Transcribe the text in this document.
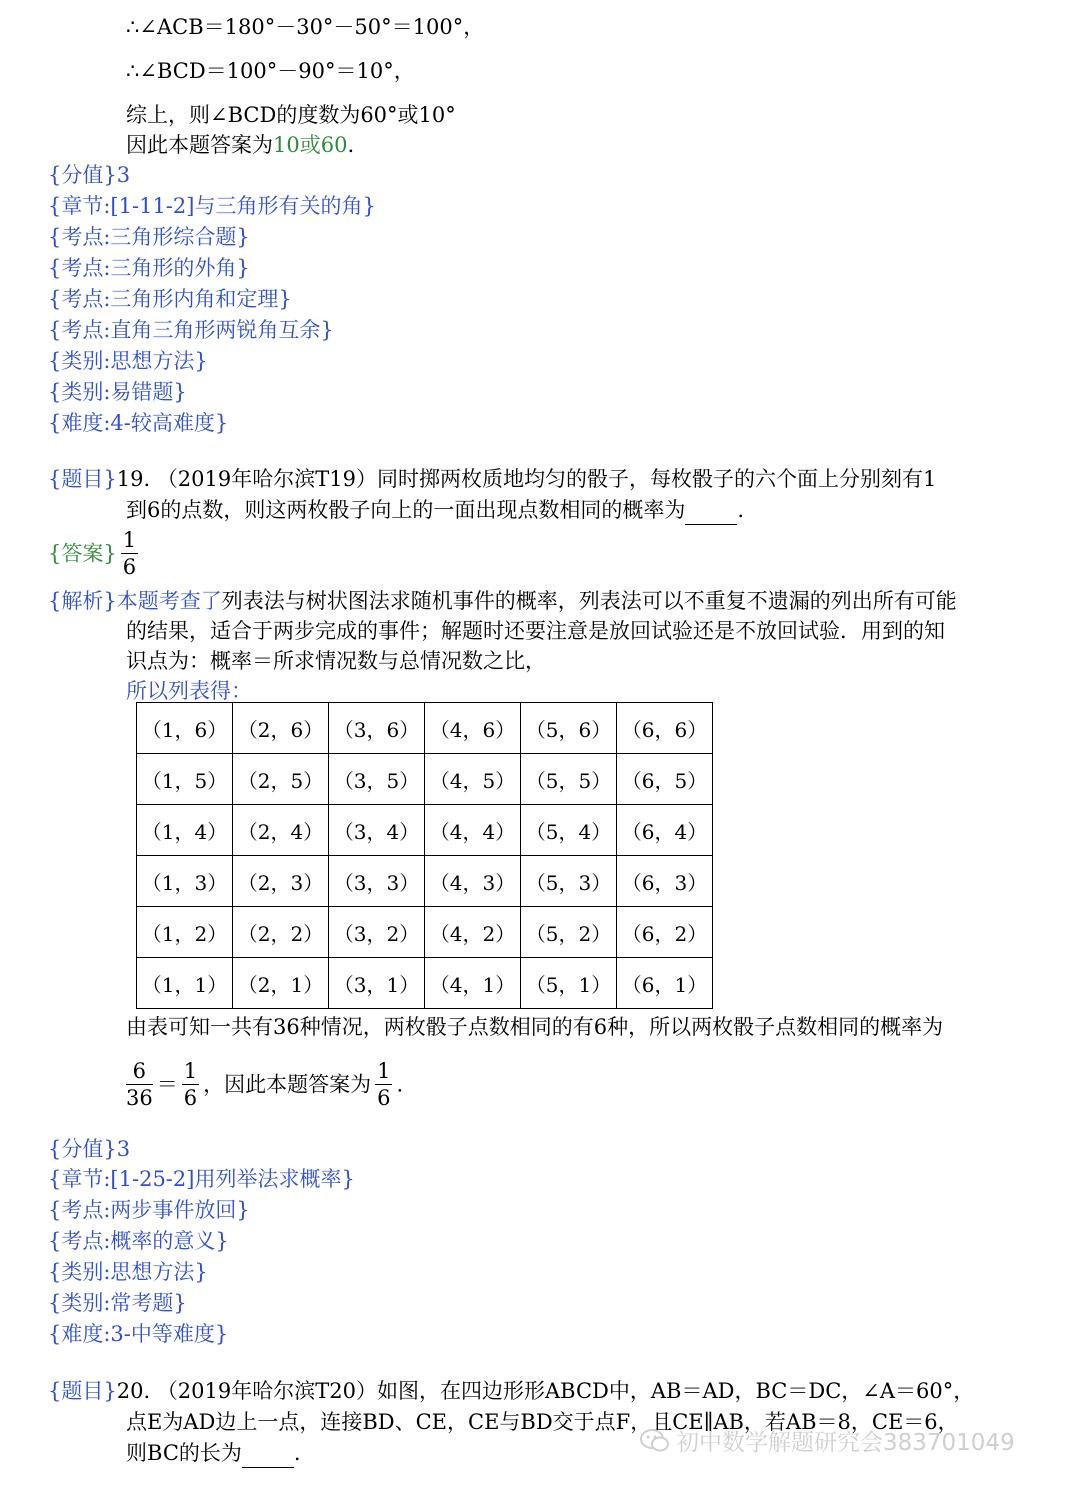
∴∠ACB＝180°－30°－50°＝100°，
∴∠BCD＝100°－90°＝10°，
综上，则∠BCD的度数为60°或10°
因此本题答案为10或60.
{分值}3
{章节:[1-11-2]与三角形有关的角}
{考点:三角形综合题}
{考点:三角形的外角}
{考点:三角形内角和定理}
{考点:直角三角形两锐角互余}
{类别:思想方法}
{类别:易错题}
{难度:4-较高难度}
{题目}19. （2019年哈尔滨T19）同时掷两枚质地均匀的骰子，每枚骰子的六个面上分别刻有1
到6的点数，则这两枚骰子向上的一面出现点数相同的概率为 .
{答案} $\frac{1}{6}$
{解析}本题考查了列表法与树状图法求随机事件的概率，列表法可以不重复不遗漏的列出所有可能
的结果，适合于两步完成的事件；解题时还要注意是放回试验还是不放回试验．用到的知
识点为：概率＝所求情况数与总情况数之比，
所以列表得：
（1，6）	（2，6）	（3，6）	（4，6）	（5，6）	（6，6）
（1，5）	（2，5）	（3，5）	（4，5）	（5，5）	（6，5）
（1，4）	（2，4）	（3，4）	（4，4）	（5，4）	（6，4）
（1，3）	（2，3）	（3，3）	（4，3）	（5，3）	（6，3）
（1，2）	（2，2）	（3，2）	（4，2）	（5，2）	（6，2）
（1，1）	（2，1）	（3，1）	（4，1）	（5，1）	（6，1）
由表可知一共有36种情况，两枚骰子点数相同的有6种，所以两枚骰子点数相同的概率为
$\frac{6}{36} = \frac{1}{6}$ ，因此本题答案为 $\frac{1}{6}$ .
{分值}3
{章节:[1-25-2]用列举法求概率}
{考点:两步事件放回}
{考点:概率的意义}
{类别:思想方法}
{类别:常考题}
{难度:3-中等难度}
{题目}20. （2019年哈尔滨T20）如图，在四边形形ABCD中，AB＝AD，BC＝DC，∠A＝60°，
点E为AD边上一点，连接BD、CE，CE与BD交于点F，且CE∥AB，若AB＝8，CE＝6，
则BC的长为 .	初中数学解题研究会383701049
